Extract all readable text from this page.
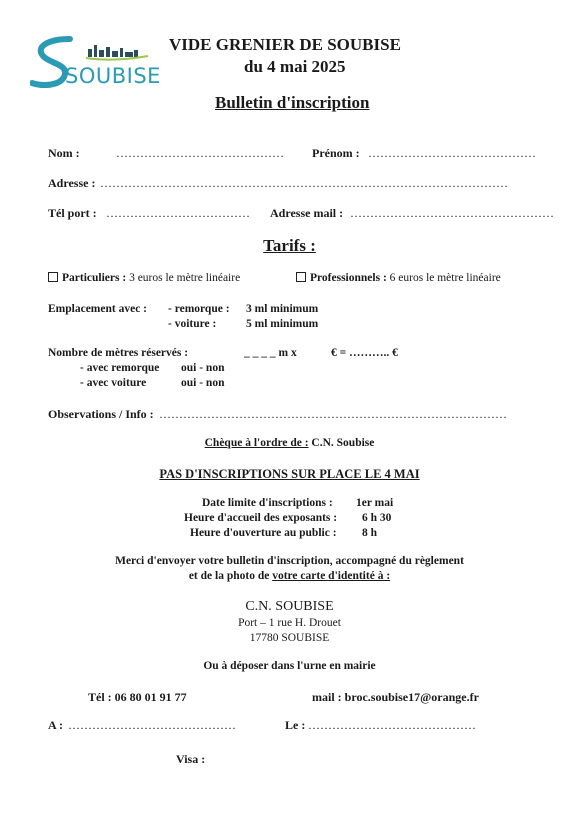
SOUBISE
VIDE GRENIER DE SOUBISE
du 4 mai 2025
Bulletin d'inscription
Nom :	…………………………………… Prénom : ……………………………………
Adresse : …………………………………………………………………………………………
Tél port : ……………………………… Adresse mail : ……………………………………………
Tarifs :
Particuliers : 3 euros le mètre linéaire	Professionnels : 6 euros le mètre linéaire
Emplacement avec : - remorque : 3 ml minimum
- voiture :	5 ml minimum
Nombre de mètres réservés :	_ _ _ _ m x	€ = ……….. €
- avec remorque oui - non
- avec voiture	oui - non
Observations / Info : ……………………………………………………………………………
Chèque à l'ordre de : C.N. Soubise
PAS D'INSCRIPTIONS SUR PLACE LE 4 MAI
Date limite d'inscriptions : 1er mai
Heure d'accueil des exposants : 6 h 30
Heure d'ouverture au public : 8 h
Merci d'envoyer votre bulletin d'inscription, accompagné du règlement
et de la photo de votre carte d'identité à :
C.N. SOUBISE
Port – 1 rue H. Drouet
17780 SOUBISE
Ou à déposer dans l'urne en mairie
Tél : 06 80 01 91 77	mail : broc.soubise17@orange.fr
A : ……………………………………	Le : ……………………………………
Visa :
